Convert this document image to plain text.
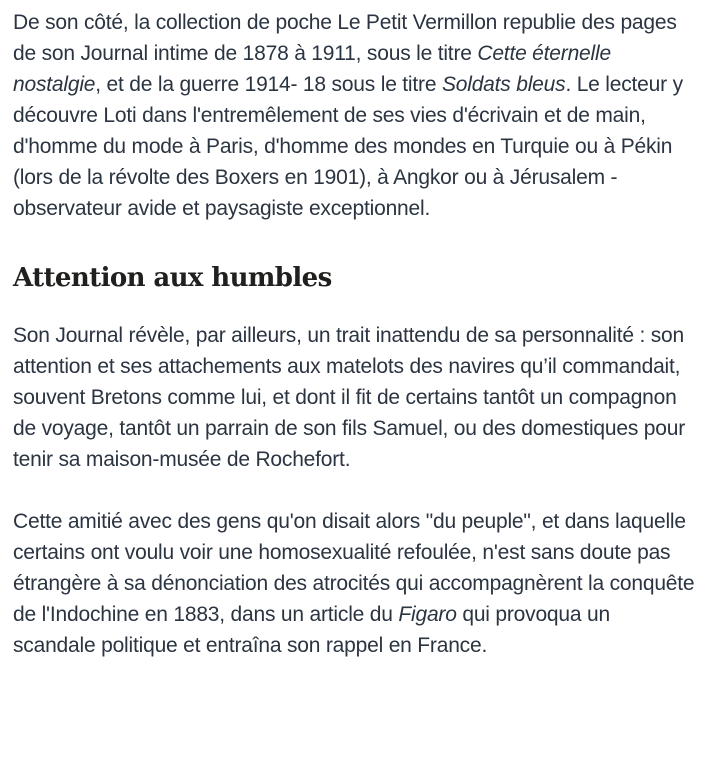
De son côté, la collection de poche Le Petit Vermillon republie des pages de son Journal intime de 1878 à 1911, sous le titre Cette éternelle nostalgie, et de la guerre 1914- 18 sous le titre Soldats bleus. Le lecteur y découvre Loti dans l'entremêlement de ses vies d'écrivain et de main, d'homme du mode à Paris, d'homme des mondes en Turquie ou à Pékin (lors de la révolte des Boxers en 1901), à Angkor ou à Jérusalem - observateur avide et paysagiste exceptionnel.

Attention aux humbles

Son Journal révèle, par ailleurs, un trait inattendu de sa personnalité : son attention et ses attachements aux matelots des navires qu’il commandait, souvent Bretons comme lui, et dont il fit de certains tantôt un compagnon de voyage, tantôt un parrain de son fils Samuel, ou des domestiques pour tenir sa maison-musée de Rochefort.

Cette amitié avec des gens qu'on disait alors "du peuple", et dans laquelle certains ont voulu voir une homosexualité refoulée, n'est sans doute pas étrangère à sa dénonciation des atrocités qui accompagnèrent la conquête de l'Indochine en 1883, dans un article du Figaro qui provoqua un scandale politique et entraîna son rappel en France.
